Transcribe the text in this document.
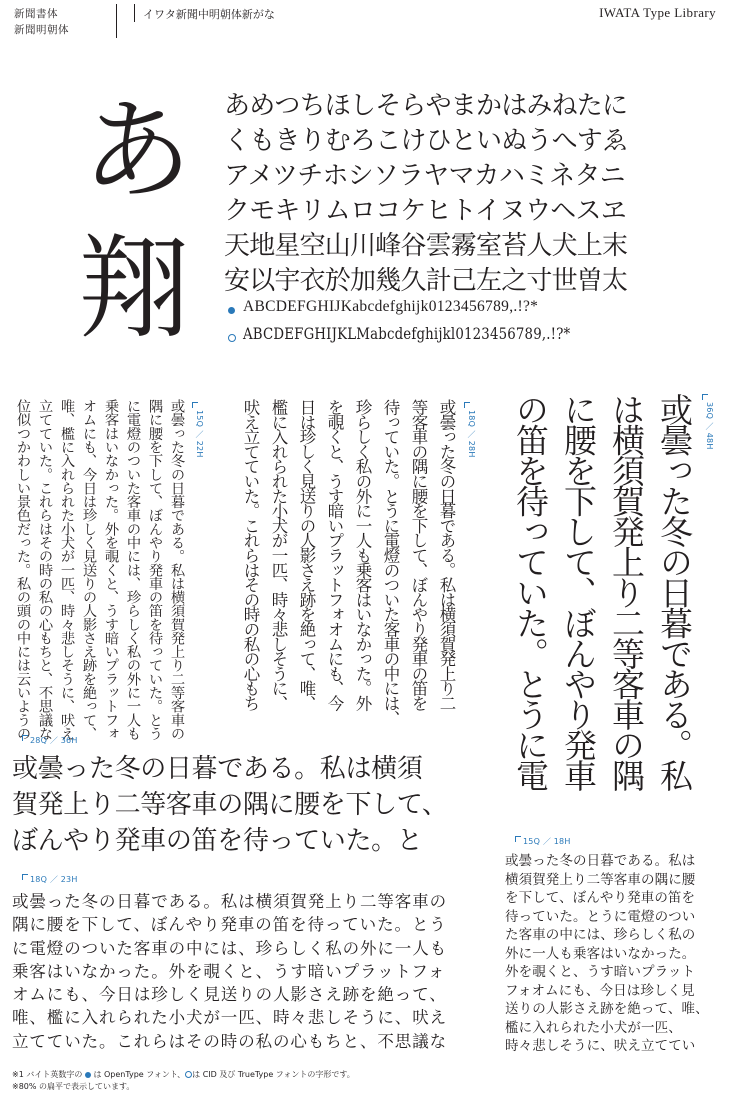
新聞書体
新聞明朝体
イワタ新聞中明朝体新がな	IWATA Type Library
あ
翔
あめつちほしそらやまかはみねたに
くもきりむろこけひといぬうへすゑ
アメツチホシソラヤマカハミネタニ
クモキリムロコケヒトイヌウヘスヱ
天地星空山川峰谷雲霧室苔人犬上末
安以宇衣於加幾久計己左之寸世曽太
ABCDEFGHIJKabcdefghijk0123456789,.!?*
ABCDEFGHIJKLMabcdefghijkl0123456789,.!?*
15Q ／ 22H
或曇った冬の日暮である。私は横須賀発上り二等客車の
隅に腰を下して、ぼんやり発車の笛を待っていた。とう
に電燈のついた客車の中には、珍らしく私の外に一人も
乗客はいなかった。外を覗くと、うす暗いプラットフォ
オムにも、今日は珍しく見送りの人影さえ跡を絶って、
唯、檻に入れられた小犬が一匹、時々悲しそうに、吠え
立てていた。これらはその時の私の心もちと、不思議な
位似つかわしい景色だった。私の頭の中には云いようの	18Q ／ 28H
或曇った冬の日暮である。私は横須賀発上り二
等客車の隅に腰を下して、ぼんやり発車の笛を
待っていた。とうに電燈のついた客車の中には、
珍らしく私の外に一人も乗客はいなかった。外
を覗くと、うす暗いプラットフォオムにも、今
日は珍しく見送りの人影さえ跡を絶って、唯、
檻に入れられた小犬が一匹、時々悲しそうに、
吠え立てていた。これらはその時の私の心もち	36Q ／ 48H
或曇った冬の日暮である。私
は横須賀発上り二等客車の隅
に腰を下して、ぼんやり発車
の笛を待っていた。とうに電
28Q ／ 36H
或曇った冬の日暮である。私は横須
賀発上り二等客車の隅に腰を下して、
ぼんやり発車の笛を待っていた。と
18Q ／ 23H
或曇った冬の日暮である。私は横須賀発上り二等客車の
隅に腰を下して、ぼんやり発車の笛を待っていた。とう
に電燈のついた客車の中には、珍らしく私の外に一人も
乗客はいなかった。外を覗くと、うす暗いプラットフォ
オムにも、今日は珍しく見送りの人影さえ跡を絶って、
唯、檻に入れられた小犬が一匹、時々悲しそうに、吠え
立てていた。これらはその時の私の心もちと、不思議な
15Q ／ 18H
或曇った冬の日暮である。私は
横須賀発上り二等客車の隅に腰
を下して、ぼんやり発車の笛を
待っていた。とうに電燈のつい
た客車の中には、珍らしく私の
外に一人も乗客はいなかった。
外を覗くと、うす暗いプラット
フォオムにも、今日は珍しく見
送りの人影さえ跡を絶って、唯、
檻に入れられた小犬が一匹、
時々悲しそうに、吠え立ててい
※1 バイト英数字の は OpenType フォント、 は CID 及び TrueType フォントの字形です。
※80% の扁平で表示しています。
